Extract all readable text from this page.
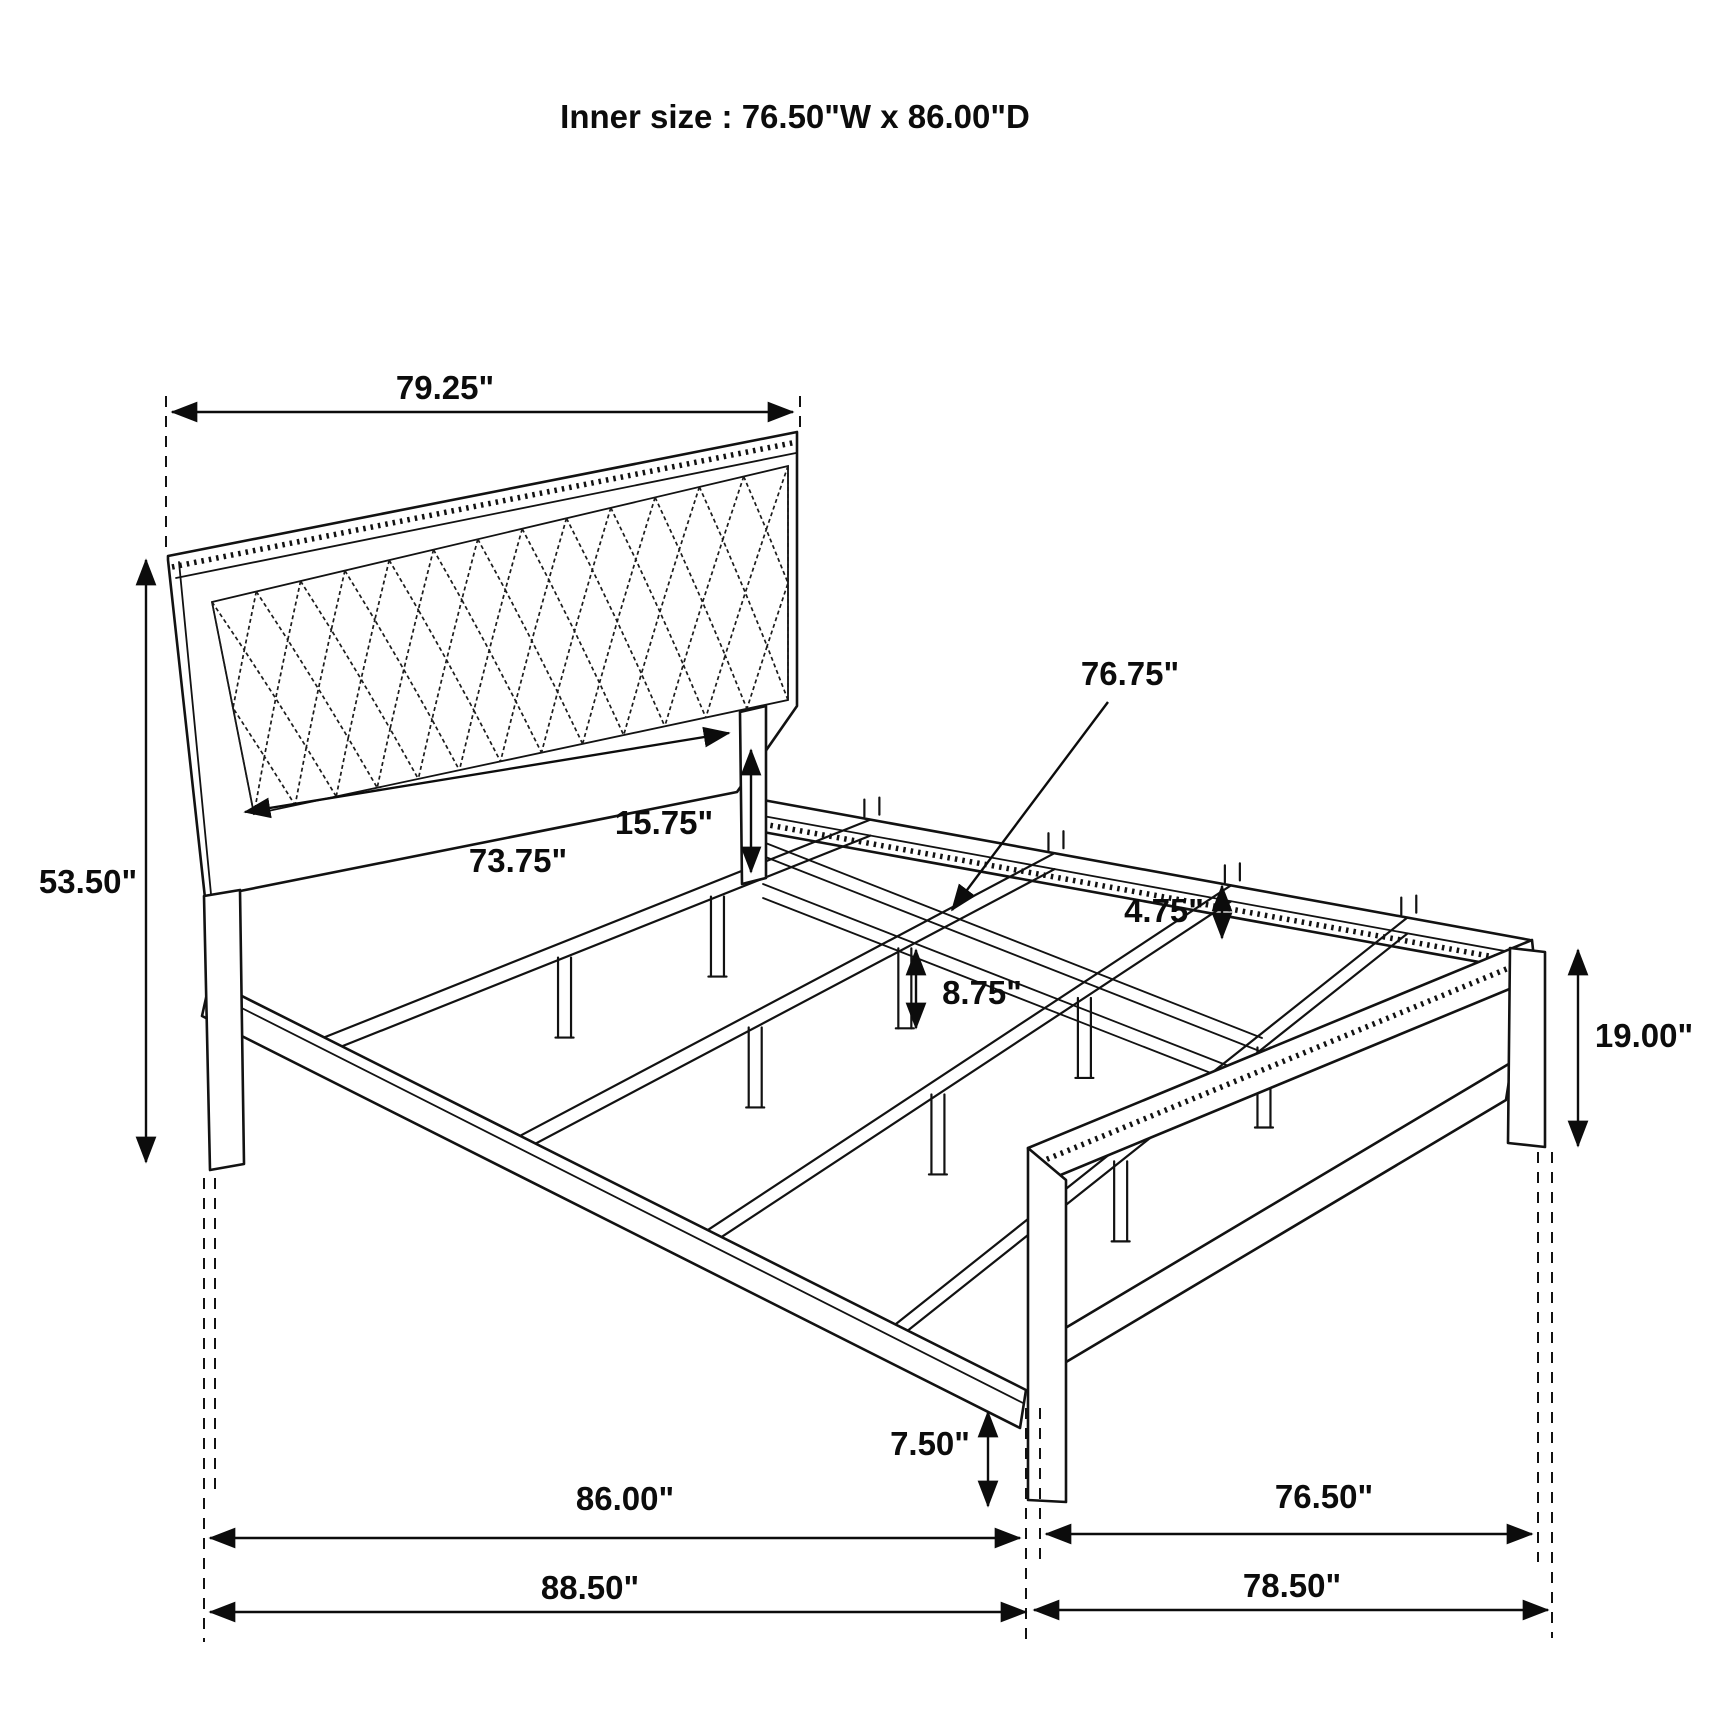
79.25"
53.50"
73.75"
15.75"
76.75"
4.75"
8.75"
19.00"
7.50"
86.00"	76.50"
88.50"	78.50"
Inner size : 76.50"W x 86.00"D
